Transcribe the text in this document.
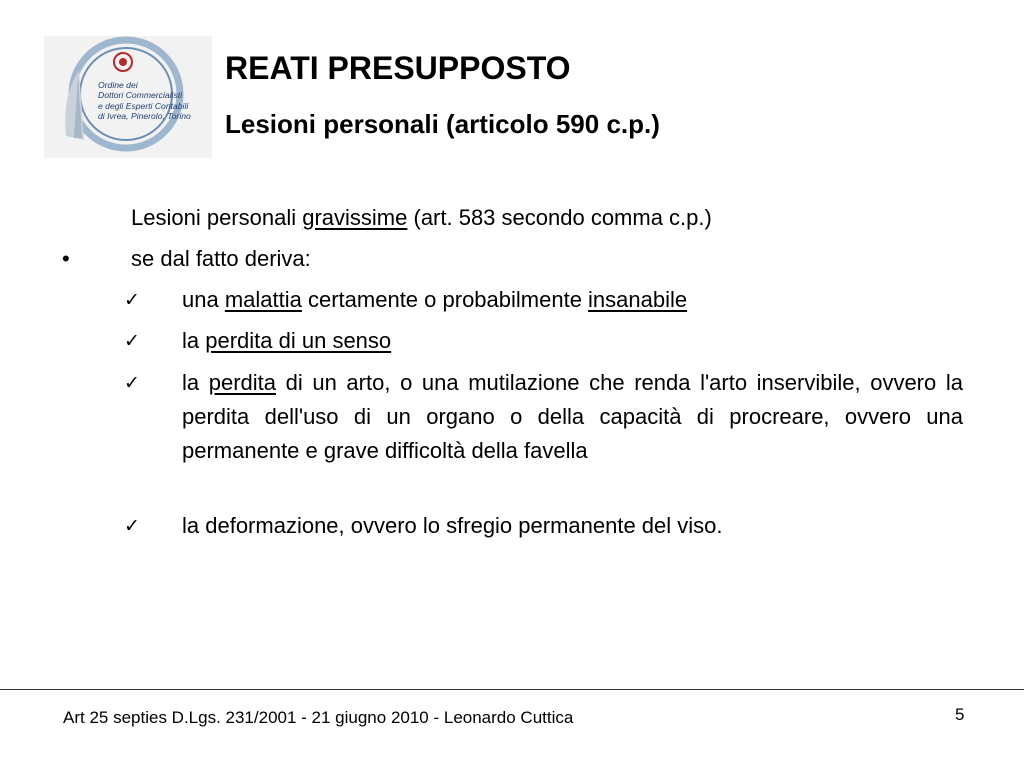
Ordine dei
Dottori Commercialisti
e degli Esperti Contabili
di Ivrea, Pinerolo, Torino
REATI PRESUPPOSTO
Lesioni personali (articolo 590 c.p.)
Lesioni personali gravissime (art. 583 secondo comma c.p.)
•	se dal fatto deriva:
✓ una malattia certamente o probabilmente insanabile
✓ la perdita di un senso
✓ la perdita di un arto, o una mutilazione che renda l'arto inservibile, ovvero la perdita dell'uso di un organo o della capacità di procreare, ovvero una permanente e grave difficoltà della favella
✓ la deformazione, ovvero lo sfregio permanente del viso.
Art 25 septies D.Lgs. 231/2001 - 21 giugno 2010 - Leonardo Cuttica	5
